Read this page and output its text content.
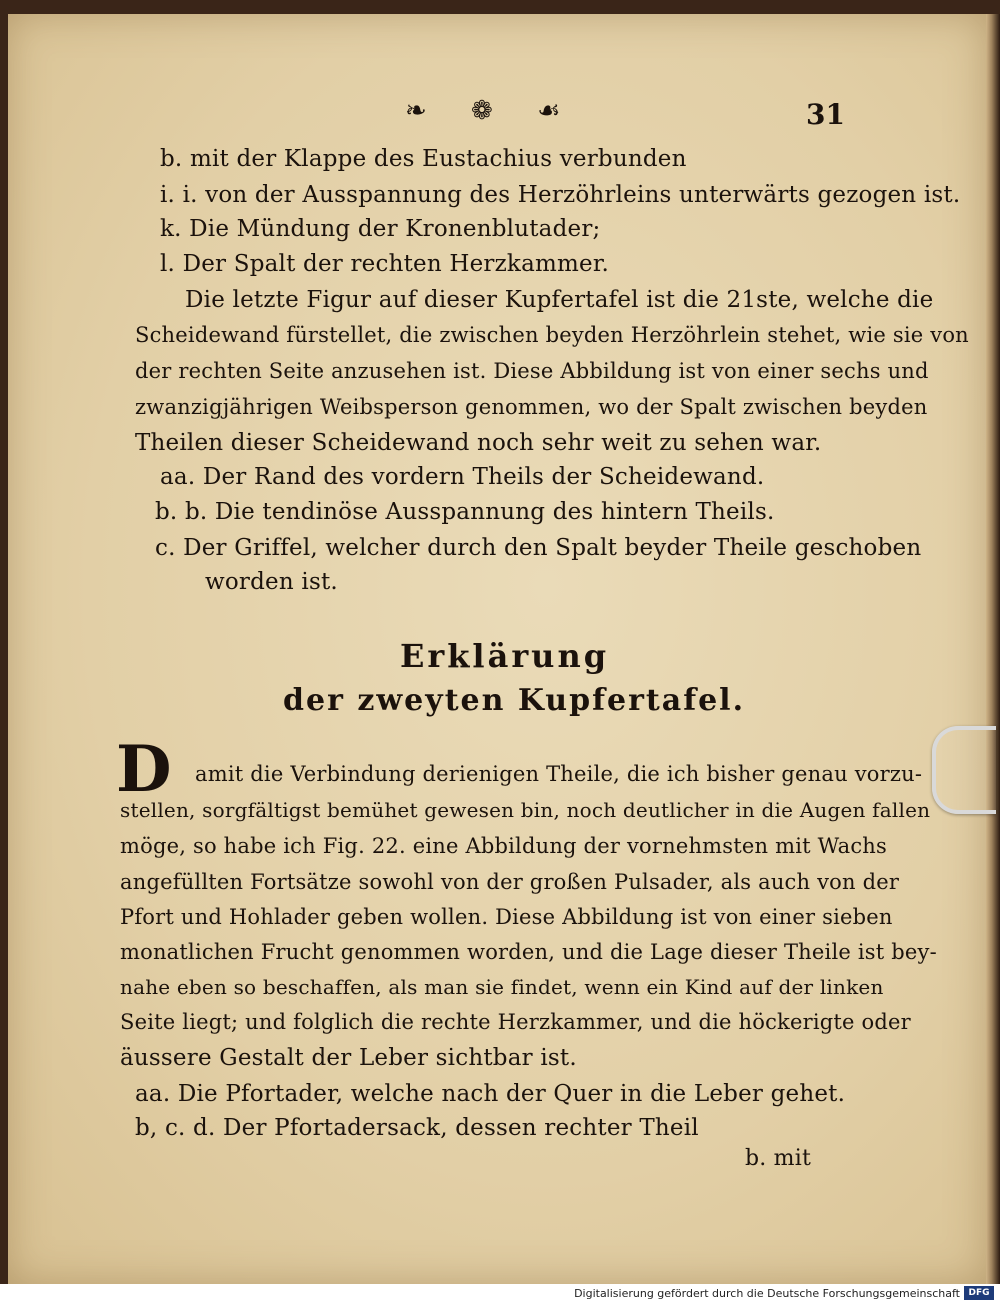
❧ ❁ ☙	31
b. mit der Klappe des Eustachius verbunden
i. i. von der Ausspannung des Herzöhrleins unterwärts gezogen ist.
k. Die Mündung der Kronenblutader;
l. Der Spalt der rechten Herzkammer.
Die letzte Figur auf dieser Kupfertafel ist die 21ste, welche die
Scheidewand fürstellet, die zwischen beyden Herzöhrlein stehet, wie sie von
der rechten Seite anzusehen ist. Diese Abbildung ist von einer sechs und
zwanzigjährigen Weibsperson genommen, wo der Spalt zwischen beyden
Theilen dieser Scheidewand noch sehr weit zu sehen war.
aa. Der Rand des vordern Theils der Scheidewand.
b. b. Die tendinöse Ausspannung des hintern Theils.
c. Der Griffel, welcher durch den Spalt beyder Theile geschoben
worden ist.
Erklärung
der zweyten Kupfertafel.
D amit die Verbindung derienigen Theile, die ich bisher genau vorzu-
stellen, sorgfältigst bemühet gewesen bin, noch deutlicher in die Augen fallen
möge, so habe ich Fig. 22. eine Abbildung der vornehmsten mit Wachs
angefüllten Fortsätze sowohl von der großen Pulsader, als auch von der
Pfort und Hohlader geben wollen. Diese Abbildung ist von einer sieben
monatlichen Frucht genommen worden, und die Lage dieser Theile ist bey-
nahe eben so beschaffen, als man sie findet, wenn ein Kind auf der linken
Seite liegt; und folglich die rechte Herzkammer, und die höckerigte oder
äussere Gestalt der Leber sichtbar ist.
aa. Die Pfortader, welche nach der Quer in die Leber gehet.
b, c. d. Der Pfortadersack, dessen rechter Theil
b. mit
Digitalisierung gefördert durch die Deutsche Forschungsgemeinschaft DFG
